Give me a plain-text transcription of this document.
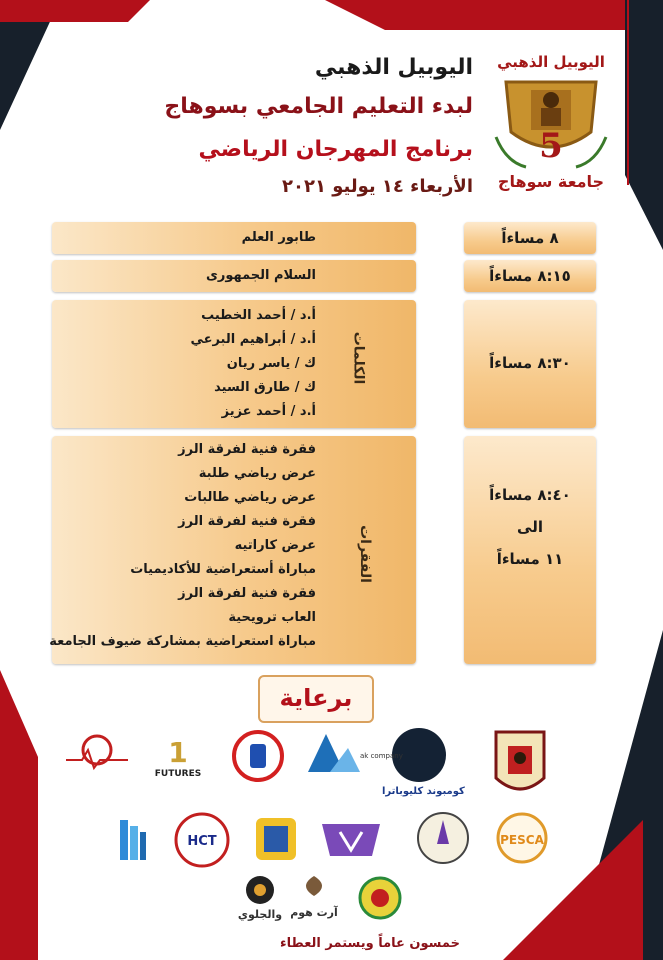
اليوبيل الذهبي
لبدء التعليم الجامعي بسوهاج
برنامج المهرجان الرياضي
الأربعاء ١٤ يوليو ٢٠٢١
5
اليوبيل الذهبي
جامعة سوهاج
٨ مساءاً
طابور العلم
٨:١٥ مساءاً
السلام الجمهورى
٨:٣٠ مساءاً
الكلمات
أ.د / أحمد الخطيب
أ.د / أبراهيم البرعي
ك / ياسر ريان
ك / طارق السيد
أ.د / أحمد عزيز
٨:٤٠ مساءاً
الى
١١ مساءاً
الفقرات
فقرة فنية لفرقة الرز
عرض رياضي طلبة
عرض رياضي طالبات
فقرة فنية لفرقة الرز
عرض كاراتيه
مباراة أستعراضية للأكاديميات
فقرة فنية لفرقة الرز
العاب ترويحية
مباراة استعراضية بمشاركة ضيوف الجامعة
برعاية
كومبوند كليوباترا
ak company
1
FUTURES
PESCA
HCT
آرت هوم
والجلوي
خمسون عاماً ويستمر العطاء
